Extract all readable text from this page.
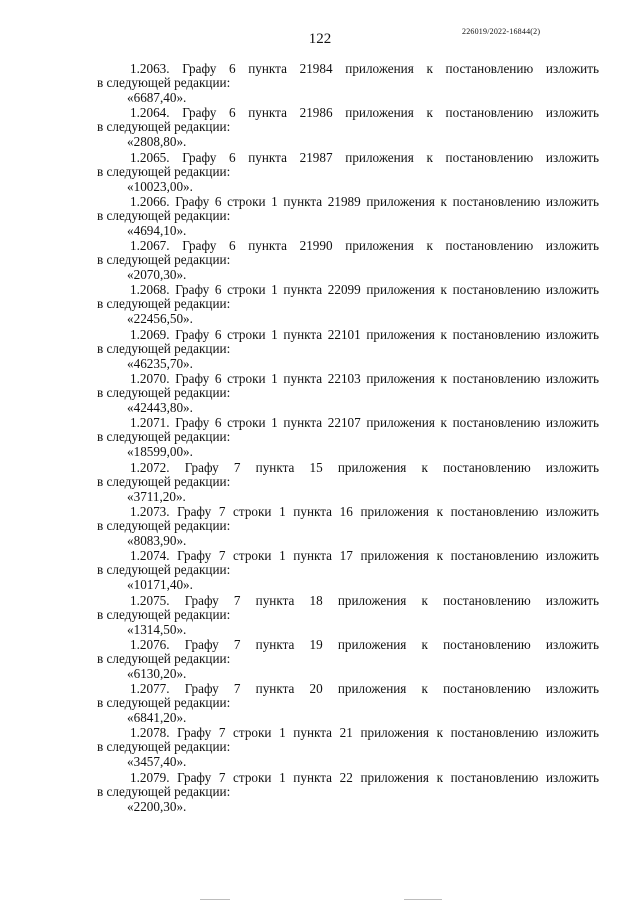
122	226019/2022-16844(2)
1.2063. Графу 6 пункта 21984 приложения к постановлению изложить
в следующей редакции:
«6687,40».
1.2064. Графу 6 пункта 21986 приложения к постановлению изложить
в следующей редакции:
«2808,80».
1.2065. Графу 6 пункта 21987 приложения к постановлению изложить
в следующей редакции:
«10023,00».
1.2066. Графу 6 строки 1 пункта 21989 приложения к постановлению изложить
в следующей редакции:
«4694,10».
1.2067. Графу 6 пункта 21990 приложения к постановлению изложить
в следующей редакции:
«2070,30».
1.2068. Графу 6 строки 1 пункта 22099 приложения к постановлению изложить
в следующей редакции:
«22456,50».
1.2069. Графу 6 строки 1 пункта 22101 приложения к постановлению изложить
в следующей редакции:
«46235,70».
1.2070. Графу 6 строки 1 пункта 22103 приложения к постановлению изложить
в следующей редакции:
«42443,80».
1.2071. Графу 6 строки 1 пункта 22107 приложения к постановлению изложить
в следующей редакции:
«18599,00».
1.2072. Графу 7 пункта 15 приложения к постановлению изложить
в следующей редакции:
«3711,20».
1.2073. Графу 7 строки 1 пункта 16 приложения к постановлению изложить
в следующей редакции:
«8083,90».
1.2074. Графу 7 строки 1 пункта 17 приложения к постановлению изложить
в следующей редакции:
«10171,40».
1.2075. Графу 7 пункта 18 приложения к постановлению изложить
в следующей редакции:
«1314,50».
1.2076. Графу 7 пункта 19 приложения к постановлению изложить
в следующей редакции:
«6130,20».
1.2077. Графу 7 пункта 20 приложения к постановлению изложить
в следующей редакции:
«6841,20».
1.2078. Графу 7 строки 1 пункта 21 приложения к постановлению изложить
в следующей редакции:
«3457,40».
1.2079. Графу 7 строки 1 пункта 22 приложения к постановлению изложить
в следующей редакции:
«2200,30».
